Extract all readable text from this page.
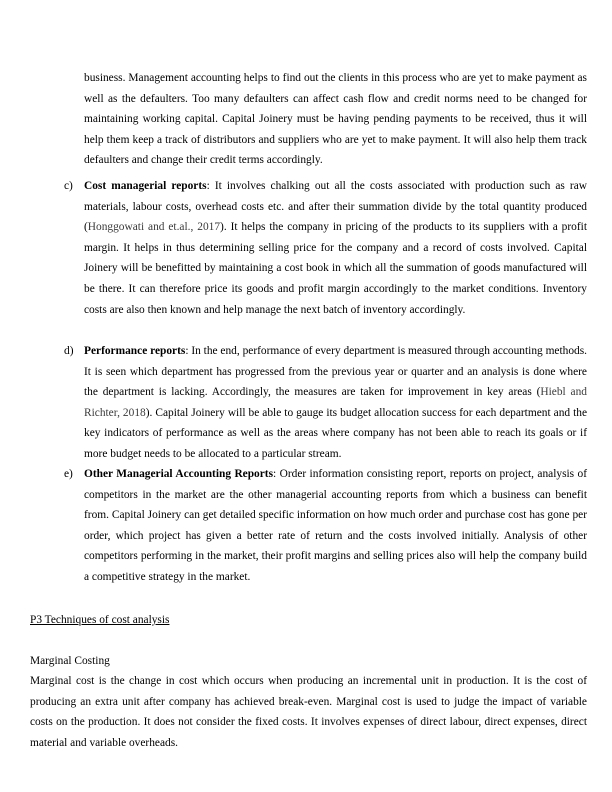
business. Management accounting helps to find out the clients in this process who are yet to make payment as well as the defaulters. Too many defaulters can affect cash flow and credit norms need to be changed for maintaining working capital. Capital Joinery must be having pending payments to be received, thus it will help them keep a track of distributors and suppliers who are yet to make payment. It will also help them track defaulters and change their credit terms accordingly.

c) Cost managerial reports: It involves chalking out all the costs associated with production such as raw materials, labour costs, overhead costs etc. and after their summation divide by the total quantity produced (Honggowati and et.al., 2017). It helps the company in pricing of the products to its suppliers with a profit margin. It helps in thus determining selling price for the company and a record of costs involved. Capital Joinery will be benefitted by maintaining a cost book in which all the summation of goods manufactured will be there. It can therefore price its goods and profit margin accordingly to the market conditions. Inventory costs are also then known and help manage the next batch of inventory accordingly.
d) Performance reports: In the end, performance of every department is measured through accounting methods. It is seen which department has progressed from the previous year or quarter and an analysis is done where the department is lacking. Accordingly, the measures are taken for improvement in key areas (Hiebl and Richter, 2018). Capital Joinery will be able to gauge its budget allocation success for each department and the key indicators of performance as well as the areas where company has not been able to reach its goals or if more budget needs to be allocated to a particular stream.
e) Other Managerial Accounting Reports: Order information consisting report, reports on project, analysis of competitors in the market are the other managerial accounting reports from which a business can benefit from. Capital Joinery can get detailed specific information on how much order and purchase cost has gone per order, which project has given a better rate of return and the costs involved initially. Analysis of other competitors performing in the market, their profit margins and selling prices also will help the company build a competitive strategy in the market.
P3 Techniques of cost analysis
Marginal Costing

Marginal cost is the change in cost which occurs when producing an incremental unit in production. It is the cost of producing an extra unit after company has achieved break-even. Marginal cost is used to judge the impact of variable costs on the production. It does not consider the fixed costs. It involves expenses of direct labour, direct expenses, direct material and variable overheads.
